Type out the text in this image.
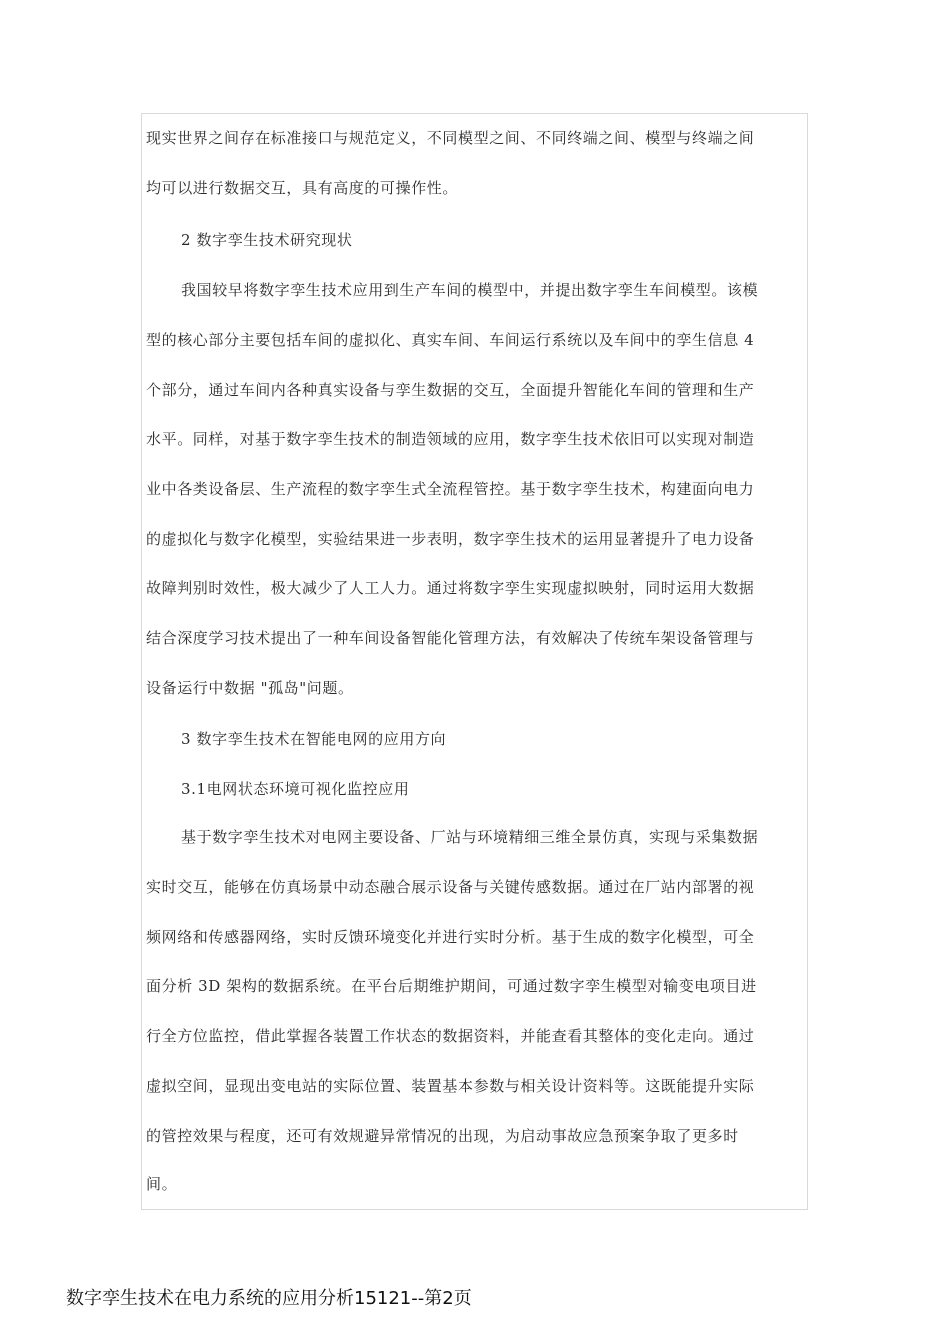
现实世界之间存在标准接口与规范定义，不同模型之间、不同终端之间、模型与终端之间
均可以进行数据交互，具有高度的可操作性。
2 数字孪生技术研究现状
我国较早将数字孪生技术应用到生产车间的模型中，并提出数字孪生车间模型。该模
型的核心部分主要包括车间的虚拟化、真实车间、车间运行系统以及车间中的孪生信息 4
个部分，通过车间内各种真实设备与孪生数据的交互，全面提升智能化车间的管理和生产
水平。同样，对基于数字孪生技术的制造领域的应用，数字孪生技术依旧可以实现对制造
业中各类设备层、生产流程的数字孪生式全流程管控。基于数字孪生技术，构建面向电力
的虚拟化与数字化模型，实验结果进一步表明，数字孪生技术的运用显著提升了电力设备
故障判别时效性，极大减少了人工人力。通过将数字孪生实现虚拟映射，同时运用大数据
结合深度学习技术提出了一种车间设备智能化管理方法，有效解决了传统车架设备管理与
设备运行中数据 "孤岛"问题。
3 数字孪生技术在智能电网的应用方向
3.1电网状态环境可视化监控应用
基于数字孪生技术对电网主要设备、厂站与环境精细三维全景仿真，实现与采集数据
实时交互，能够在仿真场景中动态融合展示设备与关键传感数据。通过在厂站内部署的视
频网络和传感器网络，实时反馈环境变化并进行实时分析。基于生成的数字化模型，可全
面分析 3D 架构的数据系统。在平台后期维护期间，可通过数字孪生模型对输变电项目进
行全方位监控，借此掌握各装置工作状态的数据资料，并能查看其整体的变化走向。通过
虚拟空间，显现出变电站的实际位置、装置基本参数与相关设计资料等。这既能提升实际
的管控效果与程度，还可有效规避异常情况的出现，为启动事故应急预案争取了更多时
间。
数字孪生技术在电力系统的应用分析15121--第2页
